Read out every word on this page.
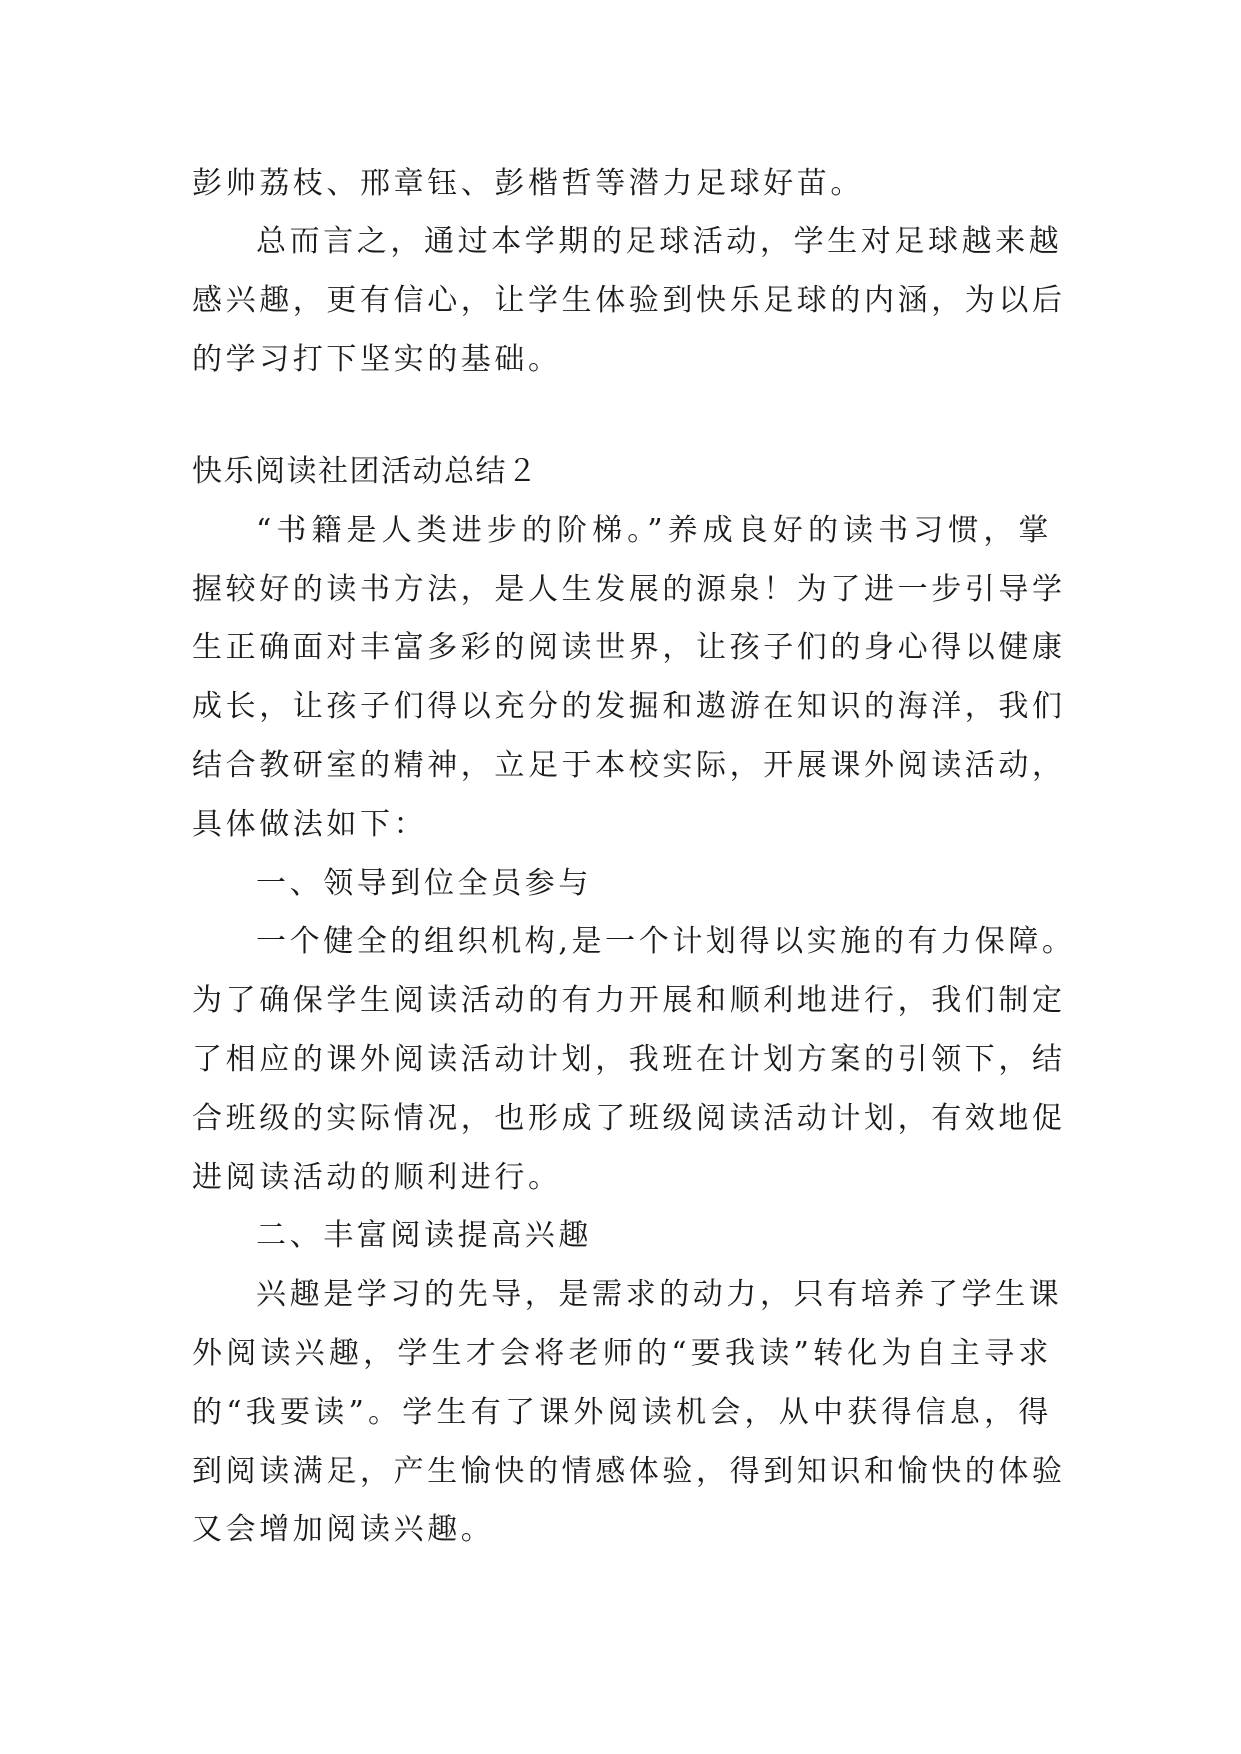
彭帅荔枝、邢章钰、彭楷哲等潜力足球好苗。
总而言之，通过本学期的足球活动，学生对足球越来越
感兴趣，更有信心，让学生体验到快乐足球的内涵，为以后
的学习打下坚实的基础。
快乐阅读社团活动总结２
“书籍是人类进步的阶梯。”养成良好的读书习惯，掌
握较好的读书方法，是人生发展的源泉！为了进一步引导学
生正确面对丰富多彩的阅读世界，让孩子们的身心得以健康
成长，让孩子们得以充分的发掘和遨游在知识的海洋，我们
结合教研室的精神，立足于本校实际，开展课外阅读活动，
具体做法如下：
一、领导到位全员参与
一个健全的组织机构,是一个计划得以实施的有力保障。
为了确保学生阅读活动的有力开展和顺利地进行，我们制定
了相应的课外阅读活动计划，我班在计划方案的引领下，结
合班级的实际情况，也形成了班级阅读活动计划，有效地促
进阅读活动的顺利进行。
二、丰富阅读提高兴趣
兴趣是学习的先导，是需求的动力，只有培养了学生课
外阅读兴趣，学生才会将老师的“要我读”转化为自主寻求
的“我要读”。学生有了课外阅读机会，从中获得信息，得
到阅读满足，产生愉快的情感体验，得到知识和愉快的体验
又会增加阅读兴趣。
